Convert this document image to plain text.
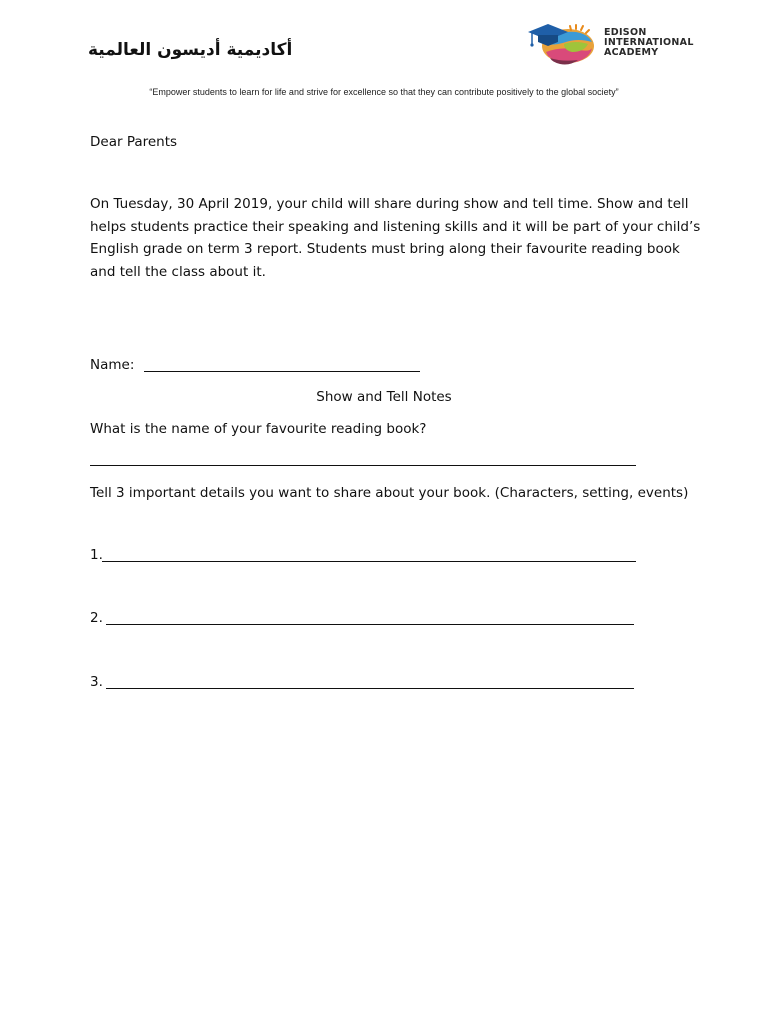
أكاديمية أديسون العالمية
EDISON
INTERNATIONAL
ACADEMY
“Empower students to learn for life and strive for excellence so that they can contribute positively to the global society”
Dear Parents
On Tuesday, 30 April 2019, your child will share during show and tell time. Show and tell
helps students practice their speaking and listening skills and it will be part of your child’s
English grade on term 3 report. Students must bring along their favourite reading book
and tell the class about it.
Name:
Show and Tell Notes
What is the name of your favourite reading book?
Tell 3 important details you want to share about your book. (Characters, setting, events)
1.
2.
3.
